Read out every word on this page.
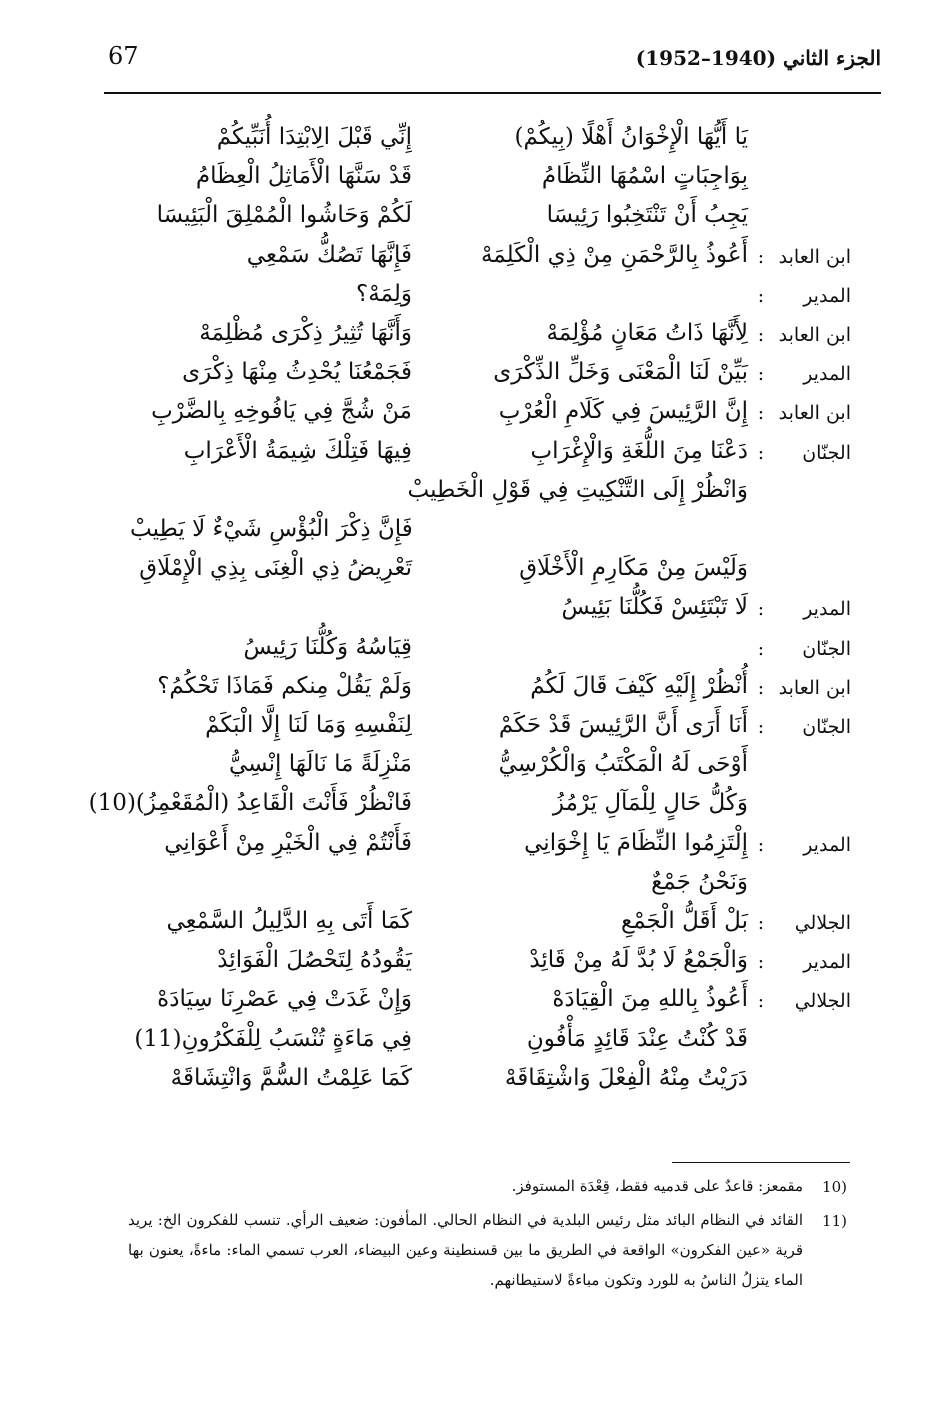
67	الجزء الثاني (1940–1952)
يَا أَيُّهَا الْإِخْوَانُ أَهْلًا (بِيكُمْ)
إِنِّي قَبْلَ الِابْتِدَا أُنَبِّيكُمْ
بِوَاجِبَاتٍ اسْمُهَا النِّظَامُ
قَدْ سَنَّهَا الْأَمَاثِلُ الْعِظَامُ
يَجِبُ أَنْ تَنْتَخِبُوا رَئِيسَا
لَكُمْ وَحَاشُوا الْمُمْلِقَ الْبَئِيسَا
ابن العابد
:
أَعُوذُ بِالرَّحْمَنِ مِنْ ذِي الْكَلِمَهْ
فَإِنَّهَا تَصُكُّ سَمْعِي
المدير
:
وَلِمَهْ؟
ابن العابد
:
لِأَنَّهَا ذَاتُ مَعَانٍ مُؤْلِمَهْ
وَأَنَّهَا تُثِيرُ ذِكْرَى مُظْلِمَهْ
المدير
:
بَيِّنْ لَنَا الْمَعْنَى وَخَلِّ الذِّكْرَى
فَجَمْعُنَا يُحْدِثُ مِنْهَا ذِكْرَى
ابن العابد
:
إِنَّ الرَّئِيسَ فِي كَلَامِ الْعُرْبِ
مَنْ شُجَّ فِي يَافُوخِهِ بِالضَّرْبِ
الجنّان
:
دَعْنَا مِنَ اللُّغَةِ وَالْإِغْرَابِ
فِيهَا فَتِلْكَ شِيمَةُ الْأَعْرَابِ
وَانْظُرْ إِلَى التَّنْكِيتِ فِي قَوْلِ الْخَطِيبْ
فَإِنَّ ذِكْرَ الْبُؤْسِ شَيْءٌ لَا يَطِيبْ
وَلَيْسَ مِنْ مَكَارِمِ الْأَخْلَاقِ
تَعْرِيضُ ذِي الْغِنَى بِذِي الْإِمْلَاقِ
المدير
:
لَا تَبْتَئِسْ فَكُلُّنَا بَئِيسُ
الجنّان
:
قِيَاسُهُ وَكُلُّنَا رَئِيسُ
ابن العابد
:
أُنْظُرْ إِلَيْهِ كَيْفَ قَالَ لَكُمُ
وَلَمْ يَقُلْ مِنكم فَمَاذَا تَحْكُمُ؟
الجنّان
:
أَنَا أَرَى أَنَّ الرَّئِيسَ قَدْ حَكَمْ
لِنَفْسِهِ وَمَا لَنَا إِلَّا الْبَكَمْ
أَوْحَى لَهُ الْمَكْتَبُ وَالْكُرْسِيُّ
مَنْزِلَةً مَا نَالَهَا إِنْسِيُّ
وَكُلُّ حَالٍ لِلْمَآلِ يَرْمُزُ
فَانْظُرْ فَأَنْتَ الْقَاعِدُ (الْمُقَعْمِزُ)(10)
المدير
:
إِلْتَزِمُوا النِّظَامَ يَا إِخْوَانِي
فَأَنْتُمْ فِي الْخَيْرِ مِنْ أَعْوَانِي
وَنَحْنُ جَمْعٌ
الجلالي
:
بَلْ أَقَلُّ الْجَمْعِ
كَمَا أَتَى بِهِ الدَّلِيلُ السَّمْعِي
المدير
:
وَالْجَمْعُ لَا بُدَّ لَهُ مِنْ قَائِدْ
يَقُودُهُ لِتَحْصُلَ الْفَوَائِدْ
الجلالي
:
أَعُوذُ بِاللهِ مِنَ الْقِيَادَهْ
وَإِنْ غَدَتْ فِي عَصْرِنَا سِيَادَهْ
قَدْ كُنْتُ عِنْدَ قَائِدٍ مَأْفُونِ
فِي مَاءَةٍ تُنْسَبُ لِلْفَكْرُونِ(11)
دَرَيْتُ مِنْهُ الْفِعْلَ وَاشْتِقَاقَهْ
كَمَا عَلِمْتُ السُّمَّ وَانْتِشَاقَهْ
10)
مقمعز: قاعدٌ على قدميه فقط، قِعْدَة المستوفز.
11)
القائد في النظام البائد مثل رئيس البلدية في النظام الحالي. المأفون: ضعيف الرأي. تنسب للفكرون الخ: يريد قرية «عين الفكرون» الواقعة في الطريق ما بين قسنطينة وعين البيضاء، العرب تسمي الماء: ماءةً، يعنون بها الماء يتزلُ الناسُ به للورد وتكون مباءةً لاستيطانهم.
